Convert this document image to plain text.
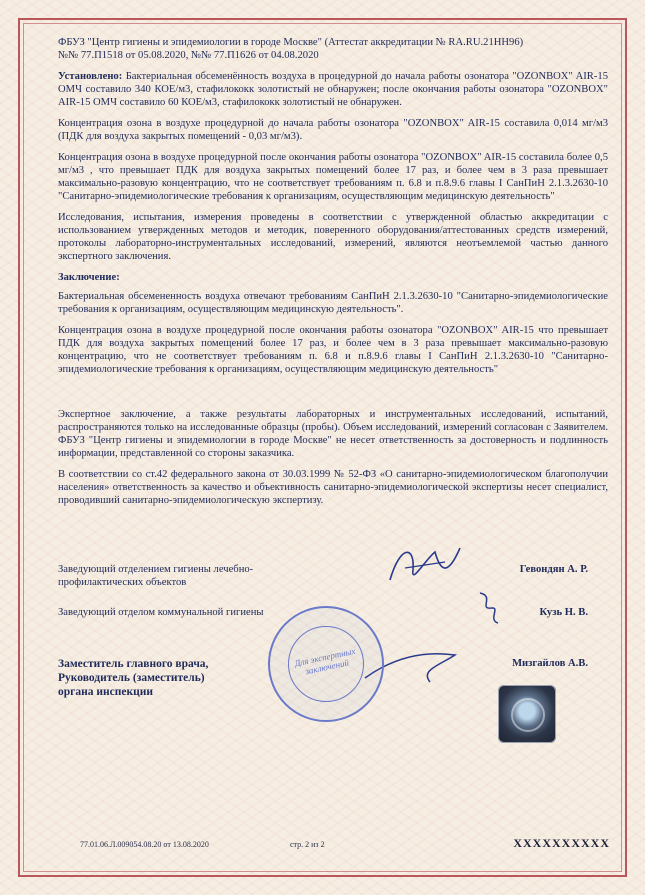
ФБУЗ "Центр гигиены и эпидемиологии в городе Москве" (Аттестат аккредитации № RA.RU.21НН96)
№№ 77.П1518 от 05.08.2020, №№ 77.П1626 от 04.08.2020

Установлено: Бактериальная обсеменённость воздуха в процедурной до начала работы озонатора "OZONBOX" AIR-15 ОМЧ составило 340 КОЕ/м3, стафилококк золотистый не обнаружен; после окончания работы озонатора "OZONBOX" AIR-15 ОМЧ составило 60 КОЕ/м3, стафилококк золотистый не обнаружен.

Концентрация озона в воздухе процедурной до начала работы озонатора "OZONBOX" AIR-15 составила 0,014 мг/м3 (ПДК для воздуха закрытых помещений - 0,03 мг/м3).

Концентрация озона в воздухе процедурной после окончания работы озонатора "OZONBOX" AIR-15 составила более 0,5 мг/м3 , что превышает ПДК для воздуха закрытых помещений более 17 раз, и более чем в 3 раза превышает максимально-разовую концентрацию, что не соответствует требованиям п. 6.8 и п.8.9.6 главы I СанПиН 2.1.3.2630-10 "Санитарно-эпидемиологические требования к организациям, осуществляющим медицинскую деятельность"

Исследования, испытания, измерения проведены в соответствии с утвержденной областью аккредитации с использованием утвержденных методов и методик, поверенного оборудования/аттестованных средств измерений, протоколы лабораторно-инструментальных исследований, измерений, являются неотъемлемой частью данного экспертного заключения.

Заключение:

Бактериальная обсемененность воздуха отвечают требованиям СанПиН 2.1.3.2630-10 "Санитарно-эпидемиологические требования к организациям, осуществляющим медицинскую деятельность".

Концентрация озона в воздухе процедурной после окончания работы озонатора "OZONBOX" AIR-15 что превышает ПДК для воздуха закрытых помещений более 17 раз, и более чем в 3 раза превышает максимально-разовую концентрацию, что не соответствует требованиям п. 6.8 и п.8.9.6 главы I СанПиН 2.1.3.2630-10 "Санитарно-эпидемиологические требования к организациям, осуществляющим медицинскую деятельность"

Экспертное заключение, а также результаты лабораторных и инструментальных исследований, испытаний, распространяются только на исследованные образцы (пробы). Объем исследований, измерений согласован с Заявителем. ФБУЗ "Центр гигиены и эпидемиологии в городе Москве" не несет ответственность за достоверность и подлинность информации, представленной со стороны заказчика.

В соответствии со ст.42 федерального закона от 30.03.1999 № 52-ФЗ «О санитарно-эпидемиологическом благополучии населения» ответственность за качество и объективность санитарно-эпидемиологической экспертизы несет специалист, проводивший санитарно-эпидемиологическую экспертизу.

Заведующий отделением гигиены лечебно-профилактических объектов
Гевондян А. Р.
Заведующий отделом коммунальной гигиены	Кузь Н. В.
Заместитель главного врача,
Руководитель (заместитель)
органа инспекции
Мизгайлов А.В.
Для экспертных заключений
77.01.06.Л.009054.08.20 от 13.08.2020	стр. 2 из 2	XXXXXXXXXX
